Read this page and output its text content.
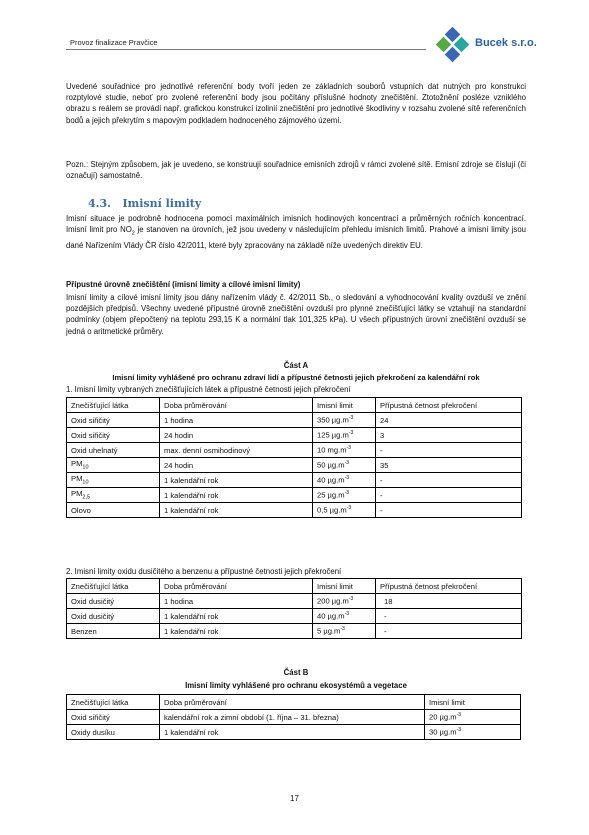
Provoz finalizace Pravčice	Bucek s.r.o.
Uvedené souřadnice pro jednotlivé referenční body tvoří jeden ze základních souborů vstupních dat nutných pro konstrukci rozptylové studie, neboť pro zvolené referenční body jsou počítány příslušné hodnoty znečištění. Ztotožnění posléze vzniklého obrazu s reálem se provádí např. grafickou konstrukcí izolinií znečištění pro jednotlivé škodliviny v rozsahu zvolené sítě referenčních bodů a jejich překrytím s mapovým podkladem hodnoceného zájmového území.
Pozn.: Stejným způsobem, jak je uvedeno, se konstruují souřadnice emisních zdrojů v rámci zvolené sítě. Emisní zdroje se číslují (či označují) samostatně.
4.3. Imisní limity
Imisní situace je podrobně hodnocena pomocí maximálních imisních hodinových koncentrací a průměrných ročních koncentrací. Imisní limit pro $NO_2$ je stanoven na úrovních, jež jsou uvedeny v následujícím přehledu imisních limitů. Prahové a imisní limity jsou dané Nařízením Vlády ČR číslo 42/2011, které byly zpracovány na základě níže uvedených direktiv EU.
Přípustné úrovně znečištění (imisní limity a cílové imisní limity)
Imisní limity a cílové imisní limity jsou dány nařízením vlády č. 42/2011 Sb., o sledování a vyhodnocování kvality ovzduší ve znění pozdějších předpisů. Všechny uvedené přípustné úrovně znečištění ovzduší pro plynné znečišťující látky se vztahují na standardní podmínky (objem přepočtený na teplotu 293,15 K a normální tlak 101,325 kPa). U všech přípustných úrovní znečištění ovzduší se jedná o aritmetické průměry.
Část A
Imisní limity vyhlášené pro ochranu zdraví lidí a přípustné četnosti jejich překročení za kalendářní rok
1. Imisní limity vybraných znečišťujících látek a přípustné četnosti jejich překročení
Znečišťující látka	Doba průměrování	Imisní limit	Přípustná četnost překročení
Oxid siřičitý	1 hodina	350 $\mu g.m^{-3}$	24
Oxid siřičitý	24 hodin	125 $\mu g.m^{-3}$	3
Oxid uhelnatý	max. denní osmihodinový	10 $mg.m^{-3}$	-
$PM_{10}$	24 hodin	50 $\mu g.m^{-3}$	35
$PM_{10}$	1 kalendářní rok	40 $\mu g.m^{-3}$	-
$PM_{2,5}$	1 kalendářní rok	25 $\mu g.m^{-3}$	-
Olovo	1 kalendářní rok	0,5 $\mu g.m^{-3}$	-
2. Imisní limity oxidu dusičitého a benzenu a přípustné četnosti jejich překročení
Znečišťující látka	Doba průměrování	Imisní limit	Přípustná četnost překročení
Oxid dusičitý	1 hodina	200 $\mu g.m^{-3}$	18
Oxid dusičitý	1 kalendářní rok	40 $\mu g.m^{-3}$	-
Benzen	1 kalendářní rok	5 $\mu g.m^{-3}$	-
Část B
Imisní limity vyhlášené pro ochranu ekosystémů a vegetace
Znečišťující látka	Doba průměrování	Imisní limit
Oxid siřičitý	kalendářní rok a zimní období (1. října – 31. března)	20 $\mu g.m^{-3}$
Oxidy dusíku	1 kalendářní rok	30 $\mu g.m^{-3}$
17
